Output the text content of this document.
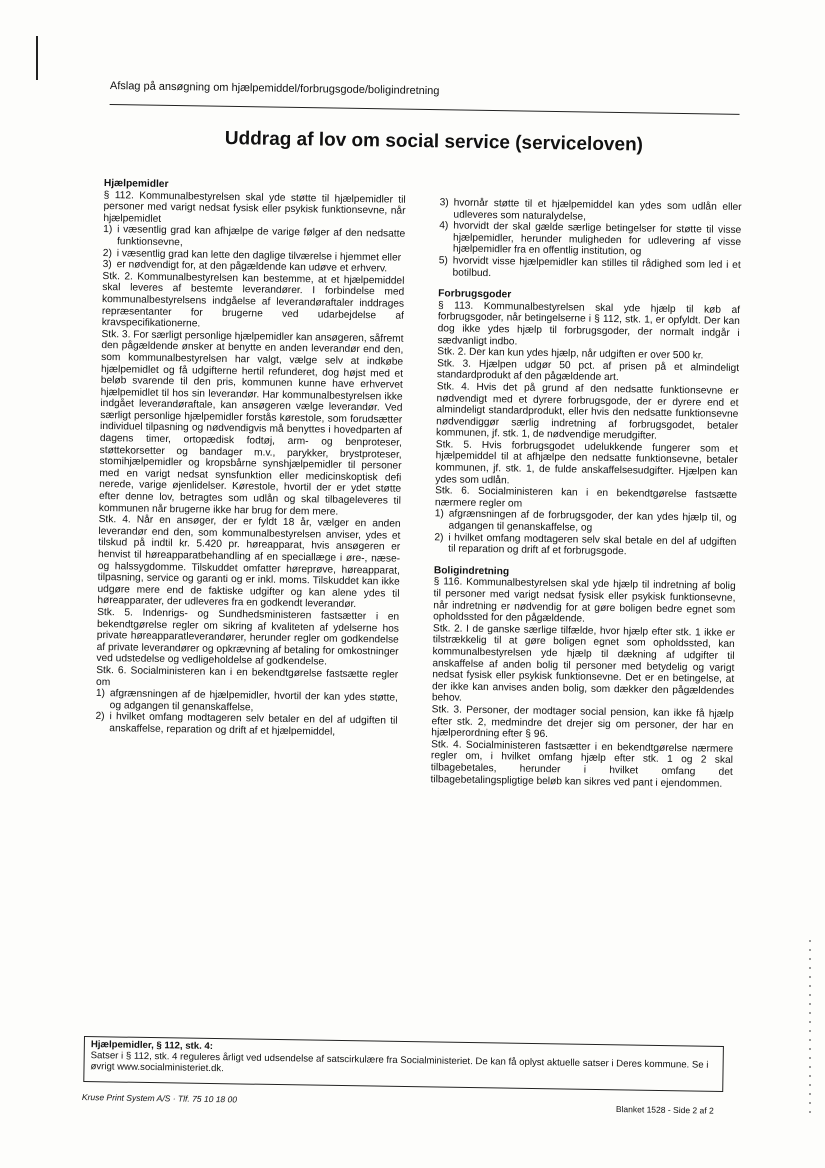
Afslag på ansøgning om hjælpemiddel/forbrugsgode/boligindretning
Uddrag af lov om social service (serviceloven)
Hjælpemidler

§ 112. Kommunalbestyrelsen skal yde støtte til hjælpemidler til personer med varigt nedsat fysisk eller psykisk funktionsevne, når hjælpemidlet

1) i væsentlig grad kan afhjælpe de varige følger af den nedsatte funktionsevne,
2) i væsentlig grad kan lette den daglige tilværelse i hjemmet eller
3) er nødvendigt for, at den pågældende kan udøve et erhverv.

Stk. 2. Kommunalbestyrelsen kan bestemme, at et hjælpemiddel skal leveres af bestemte leverandører. I forbindelse med kommunalbestyrelsens indgåelse af leverandøraftaler inddrages repræsentanter for brugerne ved udarbejdelse af kravspecifikationerne.

Stk. 3. For særligt personlige hjælpemidler kan ansøgeren, såfremt den pågældende ønsker at benytte en anden leverandør end den, som kommunalbestyrelsen har valgt, vælge selv at indkøbe hjælpemidlet og få udgifterne hertil refunderet, dog højst med et beløb svarende til den pris, kommunen kunne have erhvervet hjælpemidlet til hos sin leverandør. Har kommunalbestyrelsen ikke indgået leverandøraftale, kan ansøgeren vælge leverandør. Ved særligt personlige hjælpemidler forstås kørestole, som forudsætter individuel tilpasning og nødvendigvis må benyttes i hovedparten af dagens timer, ortopædisk fodtøj, arm- og benproteser, støttekorsetter og bandager m.v., parykker, brystproteser, stomihjælpemidler og kropsbårne synshjælpemidler til personer med en varigt nedsat synsfunktion eller medicinskoptisk defi nerede, varige øjenlidelser. Kørestole, hvortil der er ydet støtte efter denne lov, betragtes som udlån og skal tilbageleveres til kommunen når brugerne ikke har brug for dem mere.

Stk. 4. Når en ansøger, der er fyldt 18 år, vælger en anden leverandør end den, som kommunalbestyrelsen anviser, ydes et tilskud på indtil kr. 5.420 pr. høreapparat, hvis ansøgeren er henvist til høreapparatbehandling af en speciallæge i øre-, næse- og halssygdomme. Tilskuddet omfatter høreprøve, høreapparat, tilpasning, service og garanti og er inkl. moms. Tilskuddet kan ikke udgøre mere end de faktiske udgifter og kan alene ydes til høreapparater, der udleveres fra en godkendt leverandør.

Stk. 5. Indenrigs- og Sundhedsministeren fastsætter i en bekendtgørelse regler om sikring af kvaliteten af ydelserne hos private høreapparatleverandører, herunder regler om godkendelse af private leverandører og opkrævning af betaling for omkostninger ved udstedelse og vedligeholdelse af godkendelse.

Stk. 6. Socialministeren kan i en bekendtgørelse fastsætte regler om

1) afgrænsningen af de hjælpemidler, hvortil der kan ydes støtte, og adgangen til genanskaffelse,
2) i hvilket omfang modtageren selv betaler en del af udgiften til anskaffelse, reparation og drift af et hjælpemiddel,
3) hvornår støtte til et hjælpemiddel kan ydes som udlån eller udleveres som naturalydelse,
4) hvorvidt der skal gælde særlige betingelser for støtte til visse hjælpemidler, herunder muligheden for udlevering af visse hjælpemidler fra en offentlig institution, og
5) hvorvidt visse hjælpemidler kan stilles til rådighed som led i et botilbud.
Forbrugsgoder

§ 113. Kommunalbestyrelsen skal yde hjælp til køb af forbrugsgoder, når betingelserne i § 112, stk. 1, er opfyldt. Der kan dog ikke ydes hjælp til forbrugsgoder, der normalt indgår i sædvanligt indbo.

Stk. 2. Der kan kun ydes hjælp, når udgiften er over 500 kr.

Stk. 3. Hjælpen udgør 50 pct. af prisen på et almindeligt standardprodukt af den pågældende art.

Stk. 4. Hvis det på grund af den nedsatte funktionsevne er nødvendigt med et dyrere forbrugsgode, der er dyrere end et almindeligt standardprodukt, eller hvis den nedsatte funktionsevne nødvendiggør særlig indretning af forbrugsgodet, betaler kommunen, jf. stk. 1, de nødvendige merudgifter.

Stk. 5. Hvis forbrugsgodet udelukkende fungerer som et hjælpemiddel til at afhjælpe den nedsatte funktionsevne, betaler kommunen, jf. stk. 1, de fulde anskaffelsesudgifter. Hjælpen kan ydes som udlån.

Stk. 6. Socialministeren kan i en bekendtgørelse fastsætte nærmere regler om

1) afgrænsningen af de forbrugsgoder, der kan ydes hjælp til, og adgangen til genanskaffelse, og
2) i hvilket omfang modtageren selv skal betale en del af udgiften til reparation og drift af et forbrugsgode.
Boligindretning

§ 116. Kommunalbestyrelsen skal yde hjælp til indretning af bolig til personer med varigt nedsat fysisk eller psykisk funktionsevne, når indretning er nødvendig for at gøre boligen bedre egnet som opholdssted for den pågældende.

Stk. 2. I de ganske særlige tilfælde, hvor hjælp efter stk. 1 ikke er tilstrækkelig til at gøre boligen egnet som opholdssted, kan kommunalbestyrelsen yde hjælp til dækning af udgifter til anskaffelse af anden bolig til personer med betydelig og varigt nedsat fysisk eller psykisk funktionsevne. Det er en betingelse, at der ikke kan anvises anden bolig, som dækker den pågældendes behov.

Stk. 3. Personer, der modtager social pension, kan ikke få hjælp efter stk. 2, medmindre det drejer sig om personer, der har en hjælperordning efter § 96.

Stk. 4. Socialministeren fastsætter i en bekendtgørelse nærmere regler om, i hvilket omfang hjælp efter stk. 1 og 2 skal tilbagebetales, herunder i hvilket omfang det tilbagebetalingspligtige beløb kan sikres ved pant i ejendommen.

Hjælpemidler, § 112, stk. 4:
Satser i § 112, stk. 4 reguleres årligt ved udsendelse af satscirkulære fra Socialministeriet. De kan få oplyst aktuelle satser i Deres kommune. Se i øvrigt www.socialministeriet.dk.
Kruse Print System A/S · Tlf. 75 10 18 00
Blanket 1528 - Side 2 af 2
